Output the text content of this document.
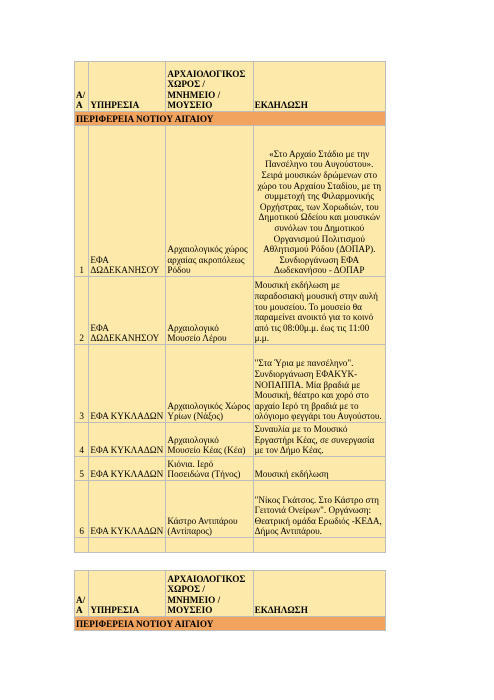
Α/Α	ΥΠΗΡΕΣΙΑ	ΑΡΧΑΙΟΛΟΓΙΚΟΣ ΧΩΡΟΣ / ΜΝΗΜΕΙΟ / ΜΟΥΣΕΙΟ	ΕΚΔΗΛΩΣΗ
ΠΕΡΙΦΕΡΕΙΑ ΝΟΤΙΟΥ ΑΙΓΑΙΟΥ			
1	ΕΦΑ ΔΩΔΕΚΑΝΗΣΟΥ	Αρχαιολογικός χώρος αρχαίας ακροπόλεως Ρόδου	«Στο Αρχαίο Στάδιο με την Πανσέληνο του Αυγούστου». Σειρά μουσικών δρώμενων στο χώρο του Αρχαίου Σταδίου, με τη συμμετοχή της Φιλαρμονικής Ορχήστρας, των Χορωδιών, του Δημοτικού Ωδείου και μουσικών συνόλων του Δημοτικού Οργανισμού Πολιτισμού Αθλητισμού Ρόδου (ΔΟΠΑΡ). Συνδιοργάνωση ΕΦΑ Δωδεκανήσου - ΔΟΠΑΡ
2	ΕΦΑ ΔΩΔΕΚΑΝΗΣΟΥ	Αρχαιολογικό Μουσείο Λέρου	Μουσική εκδήλωση με παραδοσιακή μουσική στην αυλή του μουσείου. Το μουσείο θα παραμείνει ανοικτό για το κοινό από τις 08:00μ.μ. έως τις 11:00 μ.μ.
3	ΕΦΑ ΚΥΚΛΑΔΩΝ	Αρχαιολογικός Χώρος Υρίων (Νάξος)	"Στα Ύρια με πανσέληνο". Συνδιοργάνωση ΕΦΑΚΥΚ-ΝΟΠΑΠΠΑ. Μία βραδιά με Μουσική, θέατρο και χορό στο αρχαίο Ιερό τη βραδιά με το ολόγιομο φεγγάρι του Αυγούστου.
4	ΕΦΑ ΚΥΚΛΑΔΩΝ	Αρχαιολογικό Μουσείο Κέας (Κέα)	Συναυλία με το Μουσικό Εργαστήρι Κέας, σε συνεργασία με τον Δήμο Κέας.
5	ΕΦΑ ΚΥΚΛΑΔΩΝ	Κιόνια. Ιερό Ποσειδώνα (Τήνος)	Μουσική εκδήλωση
6	ΕΦΑ ΚΥΚΛΑΔΩΝ	Κάστρο Αντιπάρου (Αντίπαρος)	"Νίκος Γκάτσος. Στο Κάστρο στη Γειτονιά Ονείρων". Οργάνωση: Θεατρική ομάδα Ερωδιός -ΚΕΔΑ, Δήμος Αντιπάρου.

Α/Α	ΥΠΗΡΕΣΙΑ	ΑΡΧΑΙΟΛΟΓΙΚΟΣ ΧΩΡΟΣ / ΜΝΗΜΕΙΟ / ΜΟΥΣΕΙΟ	ΕΚΔΗΛΩΣΗ
ΠΕΡΙΦΕΡΕΙΑ ΝΟΤΙΟΥ ΑΙΓΑΙΟΥ
